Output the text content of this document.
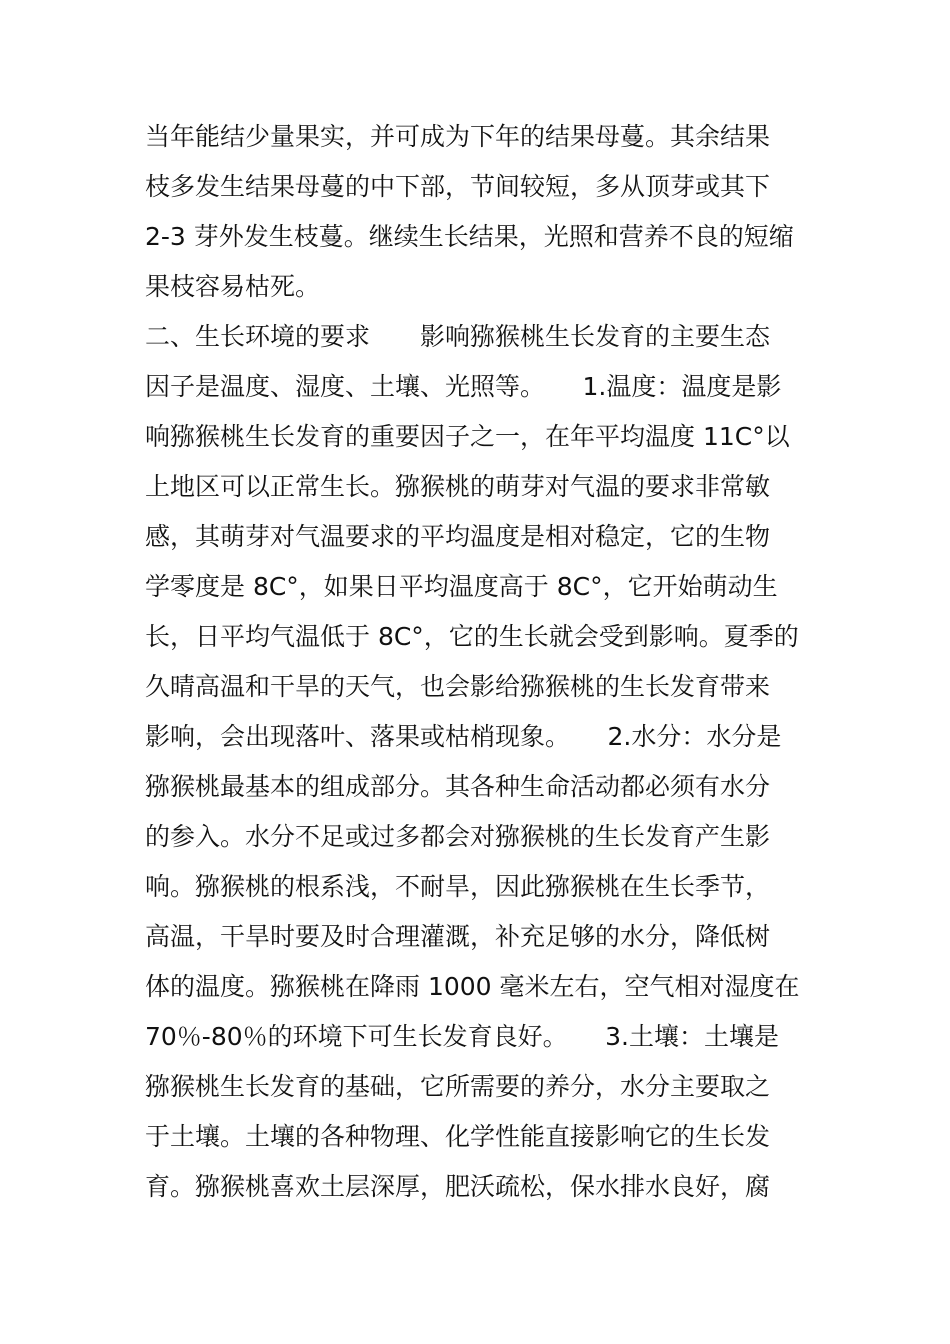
当年能结少量果实，并可成为下年的结果母蔓。其余结果
枝多发生结果母蔓的中下部，节间较短，多从顶芽或其下
2-3 芽外发生枝蔓。继续生长结果，光照和营养不良的短缩
果枝容易枯死。
二、生长环境的要求　　影响猕猴桃生长发育的主要生态
因子是温度、湿度、土壤、光照等。　　1.温度：温度是影
响猕猴桃生长发育的重要因子之一，在年平均温度 11C°以
上地区可以正常生长。猕猴桃的萌芽对气温的要求非常敏
感，其萌芽对气温要求的平均温度是相对稳定，它的生物
学零度是 8C°，如果日平均温度高于 8C°，它开始萌动生
长，日平均气温低于 8C°，它的生长就会受到影响。夏季的
久晴高温和干旱的天气，也会影给猕猴桃的生长发育带来
影响，会出现落叶、落果或枯梢现象。　　2.水分：水分是
猕猴桃最基本的组成部分。其各种生命活动都必须有水分
的参入。水分不足或过多都会对猕猴桃的生长发育产生影
响。猕猴桃的根系浅，不耐旱，因此猕猴桃在生长季节，
高温，干旱时要及时合理灌溉，补充足够的水分，降低树
体的温度。猕猴桃在降雨 1000 毫米左右，空气相对湿度在
70％-80％的环境下可生长发育良好。　　3.土壤：土壤是
猕猴桃生长发育的基础，它所需要的养分，水分主要取之
于土壤。土壤的各种物理、化学性能直接影响它的生长发
育。猕猴桃喜欢土层深厚，肥沃疏松，保水排水良好，腐
